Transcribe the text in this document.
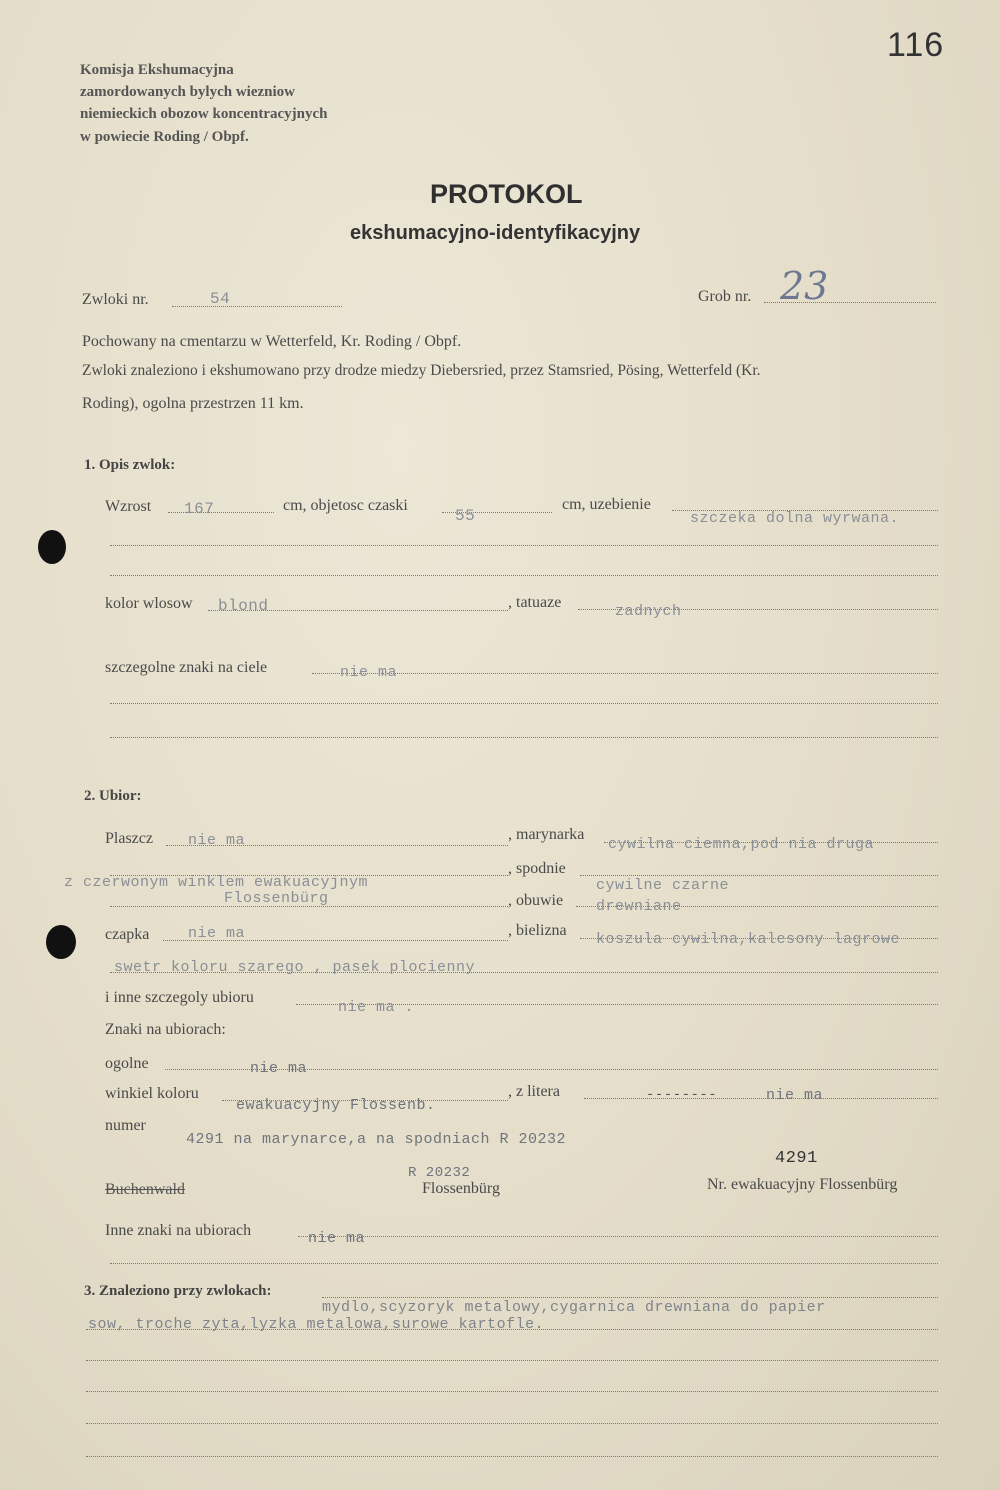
116
Komisja Ekshumacyjna
zamordowanych bylych wiezniow
niemieckich obozow koncentracyjnych
w powiecie Roding / Obpf.
PROTOKOL
ekshumacyjno-identyfikacyjny
Zwloki nr.	54	Grob nr. 23
Pochowany na cmentarzu w Wetterfeld, Kr. Roding / Obpf.
Zwloki znaleziono i ekshumowano przy drodze miedzy Diebersried, przez Stamsried, Pösing, Wetterfeld (Kr.
Roding), ogolna przestrzen 11 km.
1. Opis zwlok:
Wzrost 167	cm, objetosc czaski
55
cm, uzebienie
szczeka dolna wyrwana.
kolor wlosow blond	, tatuaze
zadnych
szczegolne znaki na ciele	nie ma
2. Ubior:
Plaszcz nie ma	, marynarka
cywilna ciemna,pod nia druga
z czerwonym winklem ewakuacyjnym
Flossenbürg
, spodnie
cywilne czarne
, obuwie drewniane
czapka	nie ma	, bielizna
koszula cywilna,kalesony lagrowe
swetr koloru szarego , pasek plocienny
i inne szczegoly ubioru
nie ma .
Znaki na ubiorach:
ogolne	nie ma
winkiel koloru
ewakuacyjny Flossenb.
, z litera	--------	nie ma
numer
4291 na marynarce,a na spodniach R 20232
4291
R 20232
Buchenwald	Flossenbürg	Nr. ewakuacyjny Flossenbürg
Inne znaki na ubiorach	nie ma
3. Znaleziono przy zwlokach:
mydlo,scyzoryk metalowy,cygarnica drewniana do papier
sow, troche zyta,lyzka metalowa,surowe kartofle.
